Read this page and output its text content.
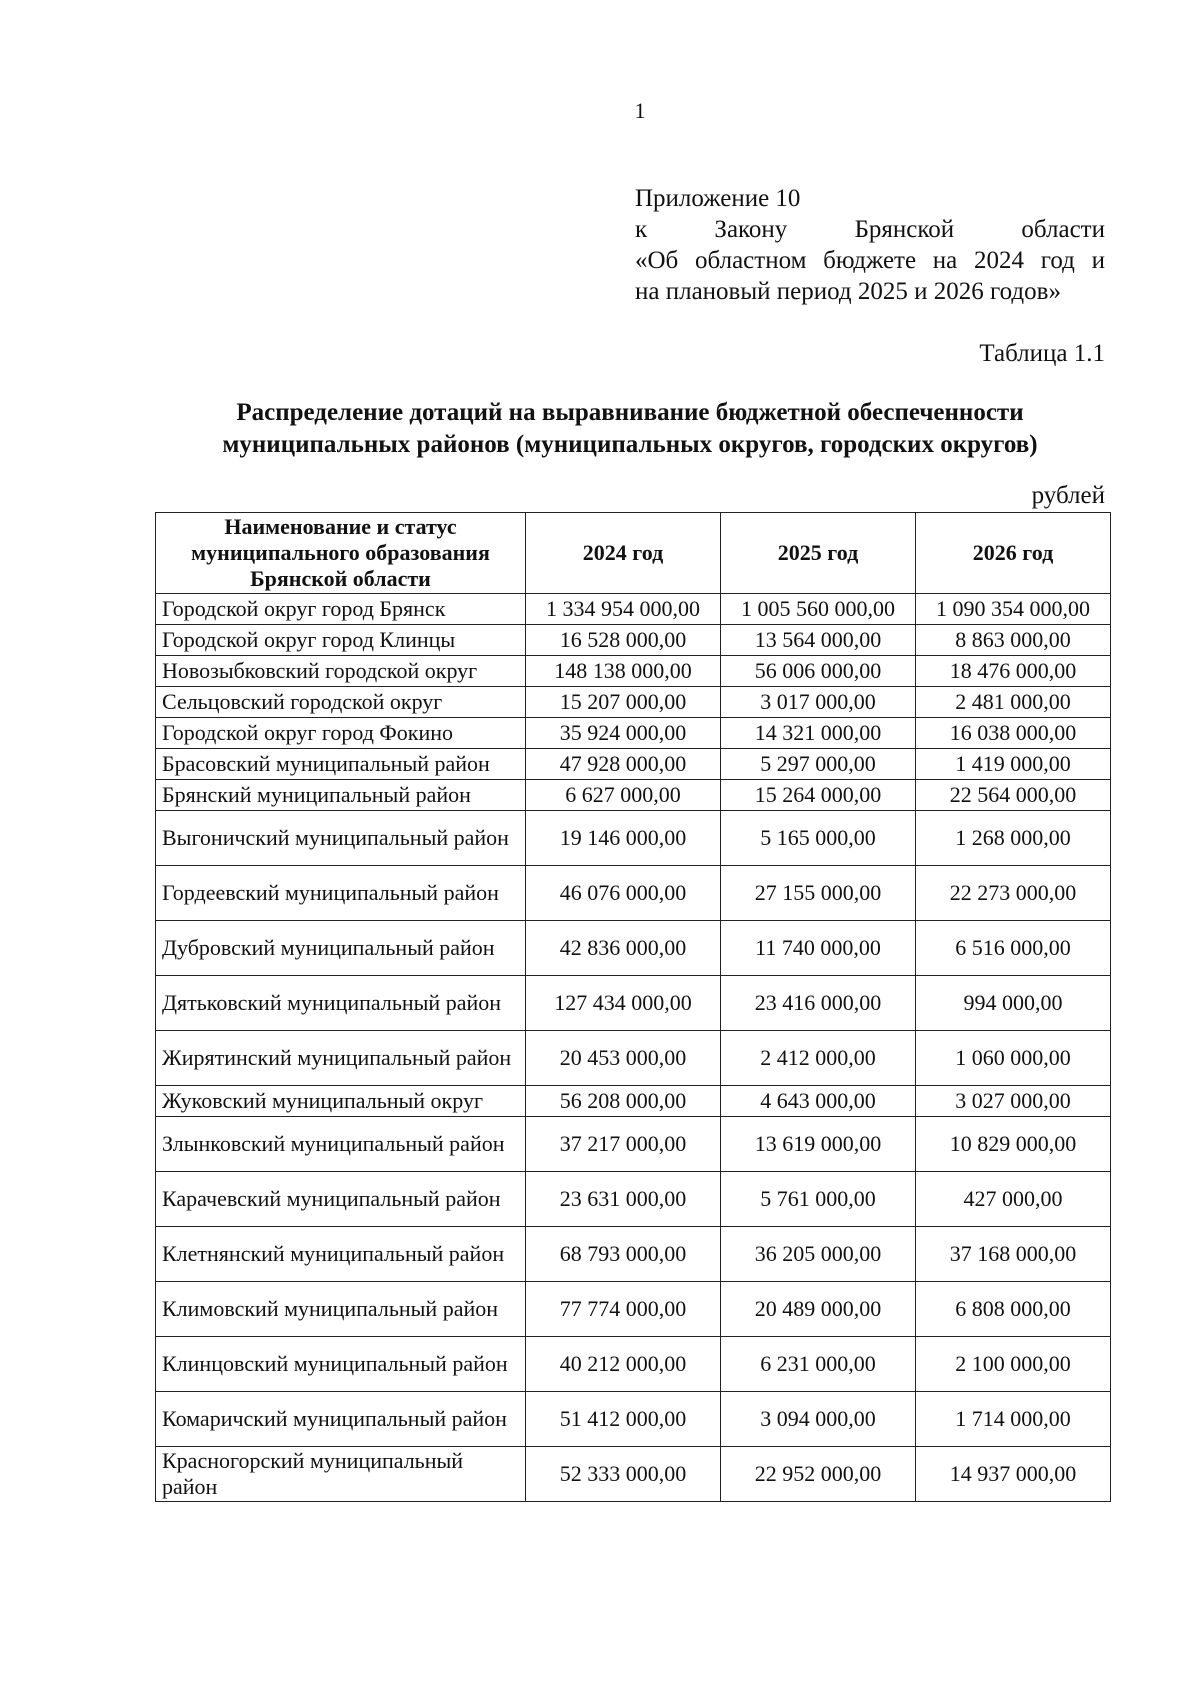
1
Приложение 10
к Закону Брянской области
«Об областном бюджете на 2024 год и
на плановый период 2025 и 2026 годов»
Таблица 1.1
Распределение дотаций на выравнивание бюджетной обеспеченности
муниципальных районов (муниципальных округов, городских округов)
рублей
Наименование и статус муниципального образования Брянской области	2024 год	2025 год	2026 год
Городской округ город Брянск	1 334 954 000,00	1 005 560 000,00	1 090 354 000,00
Городской округ город Клинцы	16 528 000,00	13 564 000,00	8 863 000,00
Новозыбковский городской округ	148 138 000,00	56 006 000,00	18 476 000,00
Сельцовский городской округ	15 207 000,00	3 017 000,00	2 481 000,00
Городской округ город Фокино	35 924 000,00	14 321 000,00	16 038 000,00
Брасовский муниципальный район	47 928 000,00	5 297 000,00	1 419 000,00
Брянский муниципальный район	6 627 000,00	15 264 000,00	22 564 000,00
Выгоничский муниципальный район	19 146 000,00	5 165 000,00	1 268 000,00
Гордеевский муниципальный район	46 076 000,00	27 155 000,00	22 273 000,00
Дубровский муниципальный район	42 836 000,00	11 740 000,00	6 516 000,00
Дятьковский муниципальный район	127 434 000,00	23 416 000,00	994 000,00
Жирятинский муниципальный район	20 453 000,00	2 412 000,00	1 060 000,00
Жуковский муниципальный округ	56 208 000,00	4 643 000,00	3 027 000,00
Злынковский муниципальный район	37 217 000,00	13 619 000,00	10 829 000,00
Карачевский муниципальный район	23 631 000,00	5 761 000,00	427 000,00
Клетнянский муниципальный район	68 793 000,00	36 205 000,00	37 168 000,00
Климовский муниципальный район	77 774 000,00	20 489 000,00	6 808 000,00
Клинцовский муниципальный район	40 212 000,00	6 231 000,00	2 100 000,00
Комаричский муниципальный район	51 412 000,00	3 094 000,00	1 714 000,00
Красногорский муниципальный район	52 333 000,00	22 952 000,00	14 937 000,00
